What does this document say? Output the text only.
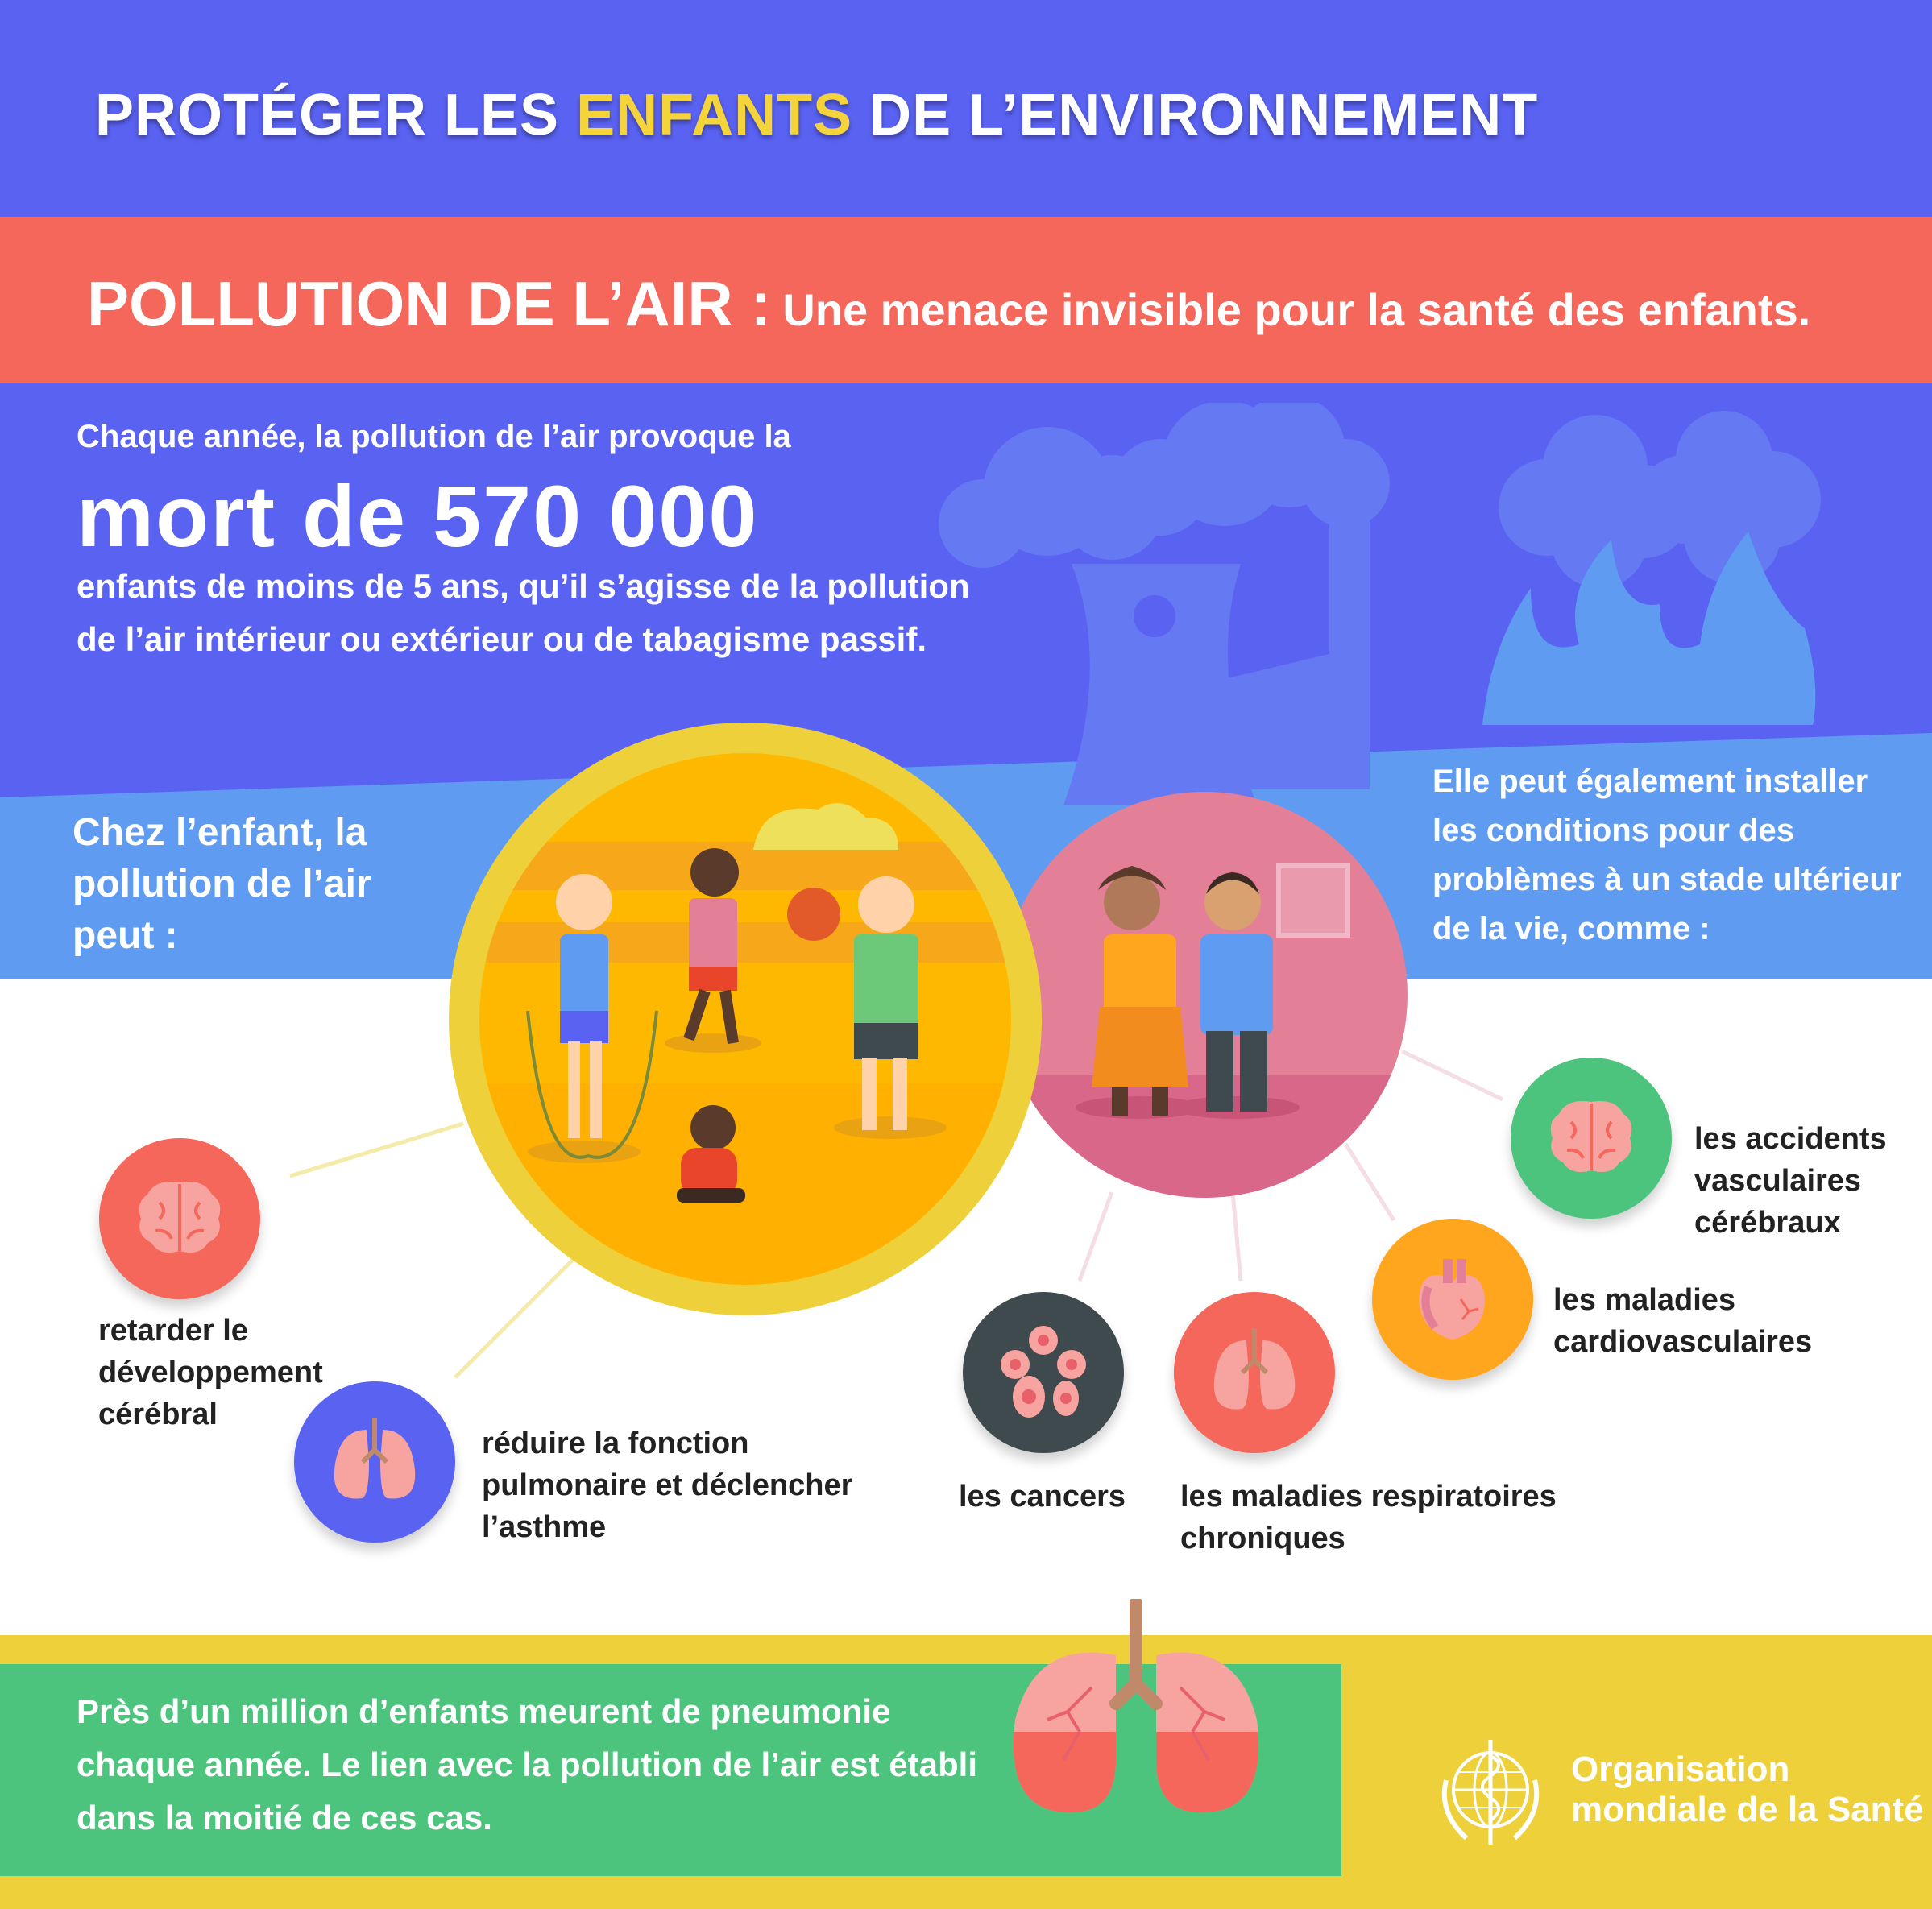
PROTÉGER LES ENFANTS DE L’ENVIRONNEMENT
POLLUTION DE L’AIR : Une menace invisible pour la santé des enfants.
Chaque année, la pollution de l’air provoque la
mort de 570 000
enfants de moins de 5 ans, qu’il s’agisse de la pollution de l’air intérieur ou extérieur ou de tabagisme passif.
Chez l’enfant, la pollution de l’air peut :
Elle peut également installer les conditions pour des problèmes à un stade ultérieur de la vie, comme :
retarder le développement cérébral
réduire la fonction pulmonaire et déclencher l’asthme
les accidents vasculaires cérébraux
les maladies cardiovasculaires
les cancers	les maladies respiratoires chroniques
Près d’un million d’enfants meurent de pneumonie chaque année. Le lien avec la pollution de l’air est établi dans la moitié de ces cas.
Organisation
mondiale de la Santé
